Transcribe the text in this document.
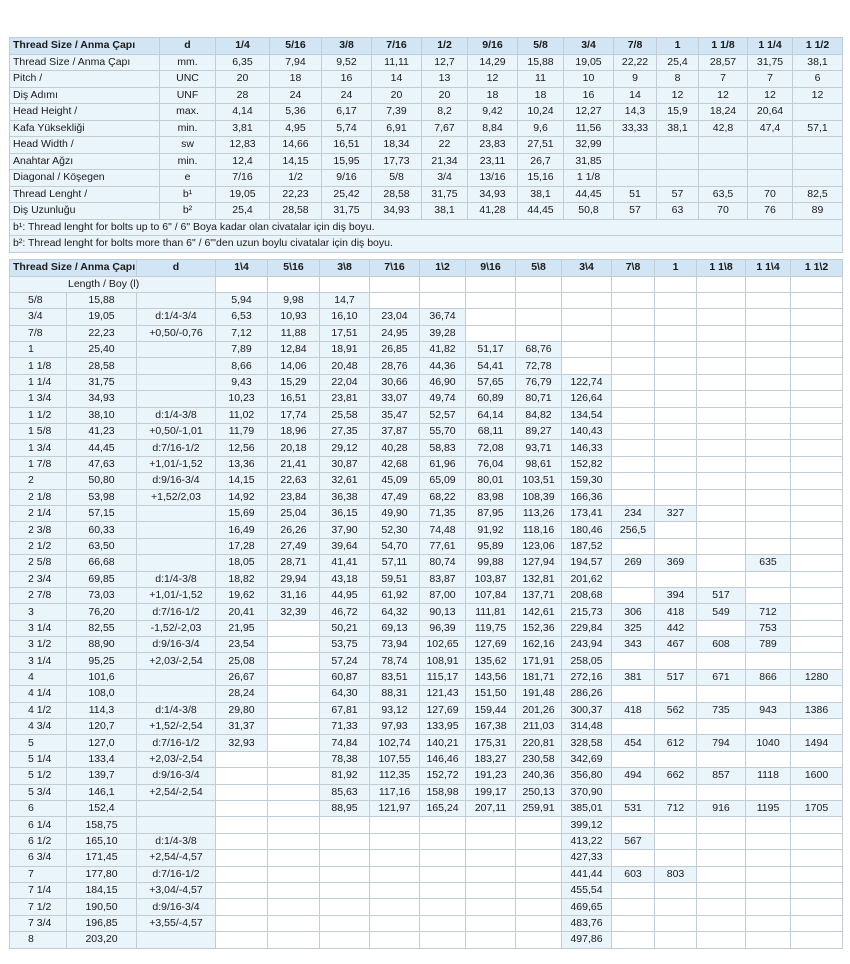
Thread Size / Anma Çapı	d	1/4	5/16	3/8	7/16	1/2	9/16	5/8	3/4	7/8	1	1 1/8	1 1/4	1 1/2
Thread Size / Anma Çapı	mm.	6,35	7,94	9,52	11,11	12,7	14,29	15,88	19,05	22,22	25,4	28,57	31,75	38,1
Pitch /	UNC	20	18	16	14	13	12	11	10	9	8	7	7	6
Diş Adımı	UNF	28	24	24	20	20	18	18	16	14	12	12	12	12
Head Height /	max.	4,14	5,36	6,17	7,39	8,2	9,42	10,24	12,27	14,3	15,9	18,24	20,64	
Kafa Yüksekliği	min.	3,81	4,95	5,74	6,91	7,67	8,84	9,6	11,56	33,33	38,1	42,8	47,4	57,1
Head Width /	sw	12,83	14,66	16,51	18,34	22	23,83	27,51	32,99					
Anahtar Ağzı	min.	12,4	14,15	15,95	17,73	21,34	23,11	26,7	31,85					
Diagonal / Köşegen	e	7/16	1/2	9/16	5/8	3/4	13/16	15,16	1 1/8					
Thread Lenght /	b¹	19,05	22,23	25,42	28,58	31,75	34,93	38,1	44,45	51	57	63,5	70	82,5
Diş Uzunluğu	b²	25,4	28,58	31,75	34,93	38,1	41,28	44,45	50,8	57	63	70	76	89
b¹: Thread lenght for bolts up to 6" / 6" Boya kadar olan civatalar için diş boyu.														
b²: Thread lenght for bolts more than 6" / 6"'den uzun boylu civatalar için diş boyu.														
Thread Size / Anma Çapı		d	1\4	5\16	3\8	7\16	1\2	9\16	5\8	3\4	7\8	1	1 1\8	1 1\4	1 1\2
Length / Boy (l)															
5/8	15,88		5,94	9,98	14,7										
3/4	19,05	d:1/4-3/4	6,53	10,93	16,10	23,04	36,74								
7/8	22,23	+0,50/-0,76	7,12	11,88	17,51	24,95	39,28								
1	25,40		7,89	12,84	18,91	26,85	41,82	51,17	68,76						
1 1/8	28,58		8,66	14,06	20,48	28,76	44,36	54,41	72,78						
1 1/4	31,75		9,43	15,29	22,04	30,66	46,90	57,65	76,79	122,74					
1 3/4	34,93		10,23	16,51	23,81	33,07	49,74	60,89	80,71	126,64					
1 1/2	38,10	d:1/4-3/8	11,02	17,74	25,58	35,47	52,57	64,14	84,82	134,54					
1 5/8	41,23	+0,50/-1,01	11,79	18,96	27,35	37,87	55,70	68,11	89,27	140,43					
1 3/4	44,45	d:7/16-1/2	12,56	20,18	29,12	40,28	58,83	72,08	93,71	146,33					
1 7/8	47,63	+1,01/-1,52	13,36	21,41	30,87	42,68	61,96	76,04	98,61	152,82					
2	50,80	d:9/16-3/4	14,15	22,63	32,61	45,09	65,09	80,01	103,51	159,30					
2 1/8	53,98	+1,52/2,03	14,92	23,84	36,38	47,49	68,22	83,98	108,39	166,36					
2 1/4	57,15		15,69	25,04	36,15	49,90	71,35	87,95	113,26	173,41	234	327			
2 3/8	60,33		16,49	26,26	37,90	52,30	74,48	91,92	118,16	180,46	256,5				
2 1/2	63,50		17,28	27,49	39,64	54,70	77,61	95,89	123,06	187,52					
2 5/8	66,68		18,05	28,71	41,41	57,11	80,74	99,88	127,94	194,57	269	369		635	
2 3/4	69,85	d:1/4-3/8	18,82	29,94	43,18	59,51	83,87	103,87	132,81	201,62					
2 7/8	73,03	+1,01/-1,52	19,62	31,16	44,95	61,92	87,00	107,84	137,71	208,68		394	517		
3	76,20	d:7/16-1/2	20,41	32,39	46,72	64,32	90,13	111,81	142,61	215,73	306	418	549	712	
3 1/4	82,55	-1,52/-2,03	21,95		50,21	69,13	96,39	119,75	152,36	229,84	325	442		753	
3 1/2	88,90	d:9/16-3/4	23,54		53,75	73,94	102,65	127,69	162,16	243,94	343	467	608	789	
3 1/4	95,25	+2,03/-2,54	25,08		57,24	78,74	108,91	135,62	171,91	258,05					
4	101,6		26,67		60,87	83,51	115,17	143,56	181,71	272,16	381	517	671	866	1280
4 1/4	108,0		28,24		64,30	88,31	121,43	151,50	191,48	286,26					
4 1/2	114,3	d:1/4-3/8	29,80		67,81	93,12	127,69	159,44	201,26	300,37	418	562	735	943	1386
4 3/4	120,7	+1,52/-2,54	31,37		71,33	97,93	133,95	167,38	211,03	314,48					
5	127,0	d:7/16-1/2	32,93		74,84	102,74	140,21	175,31	220,81	328,58	454	612	794	1040	1494
5 1/4	133,4	+2,03/-2,54			78,38	107,55	146,46	183,27	230,58	342,69					
5 1/2	139,7	d:9/16-3/4			81,92	112,35	152,72	191,23	240,36	356,80	494	662	857	1118	1600
5 3/4	146,1	+2,54/-2,54			85,63	117,16	158,98	199,17	250,13	370,90					
6	152,4				88,95	121,97	165,24	207,11	259,91	385,01	531	712	916	1195	1705
6 1/4	158,75									399,12					
6 1/2	165,10	d:1/4-3/8								413,22	567				
6 3/4	171,45	+2,54/-4,57								427,33					
7	177,80	d:7/16-1/2								441,44	603	803			
7 1/4	184,15	+3,04/-4,57								455,54					
7 1/2	190,50	d:9/16-3/4								469,65					
7 3/4	196,85	+3,55/-4,57								483,76					
8	203,20									497,86					
